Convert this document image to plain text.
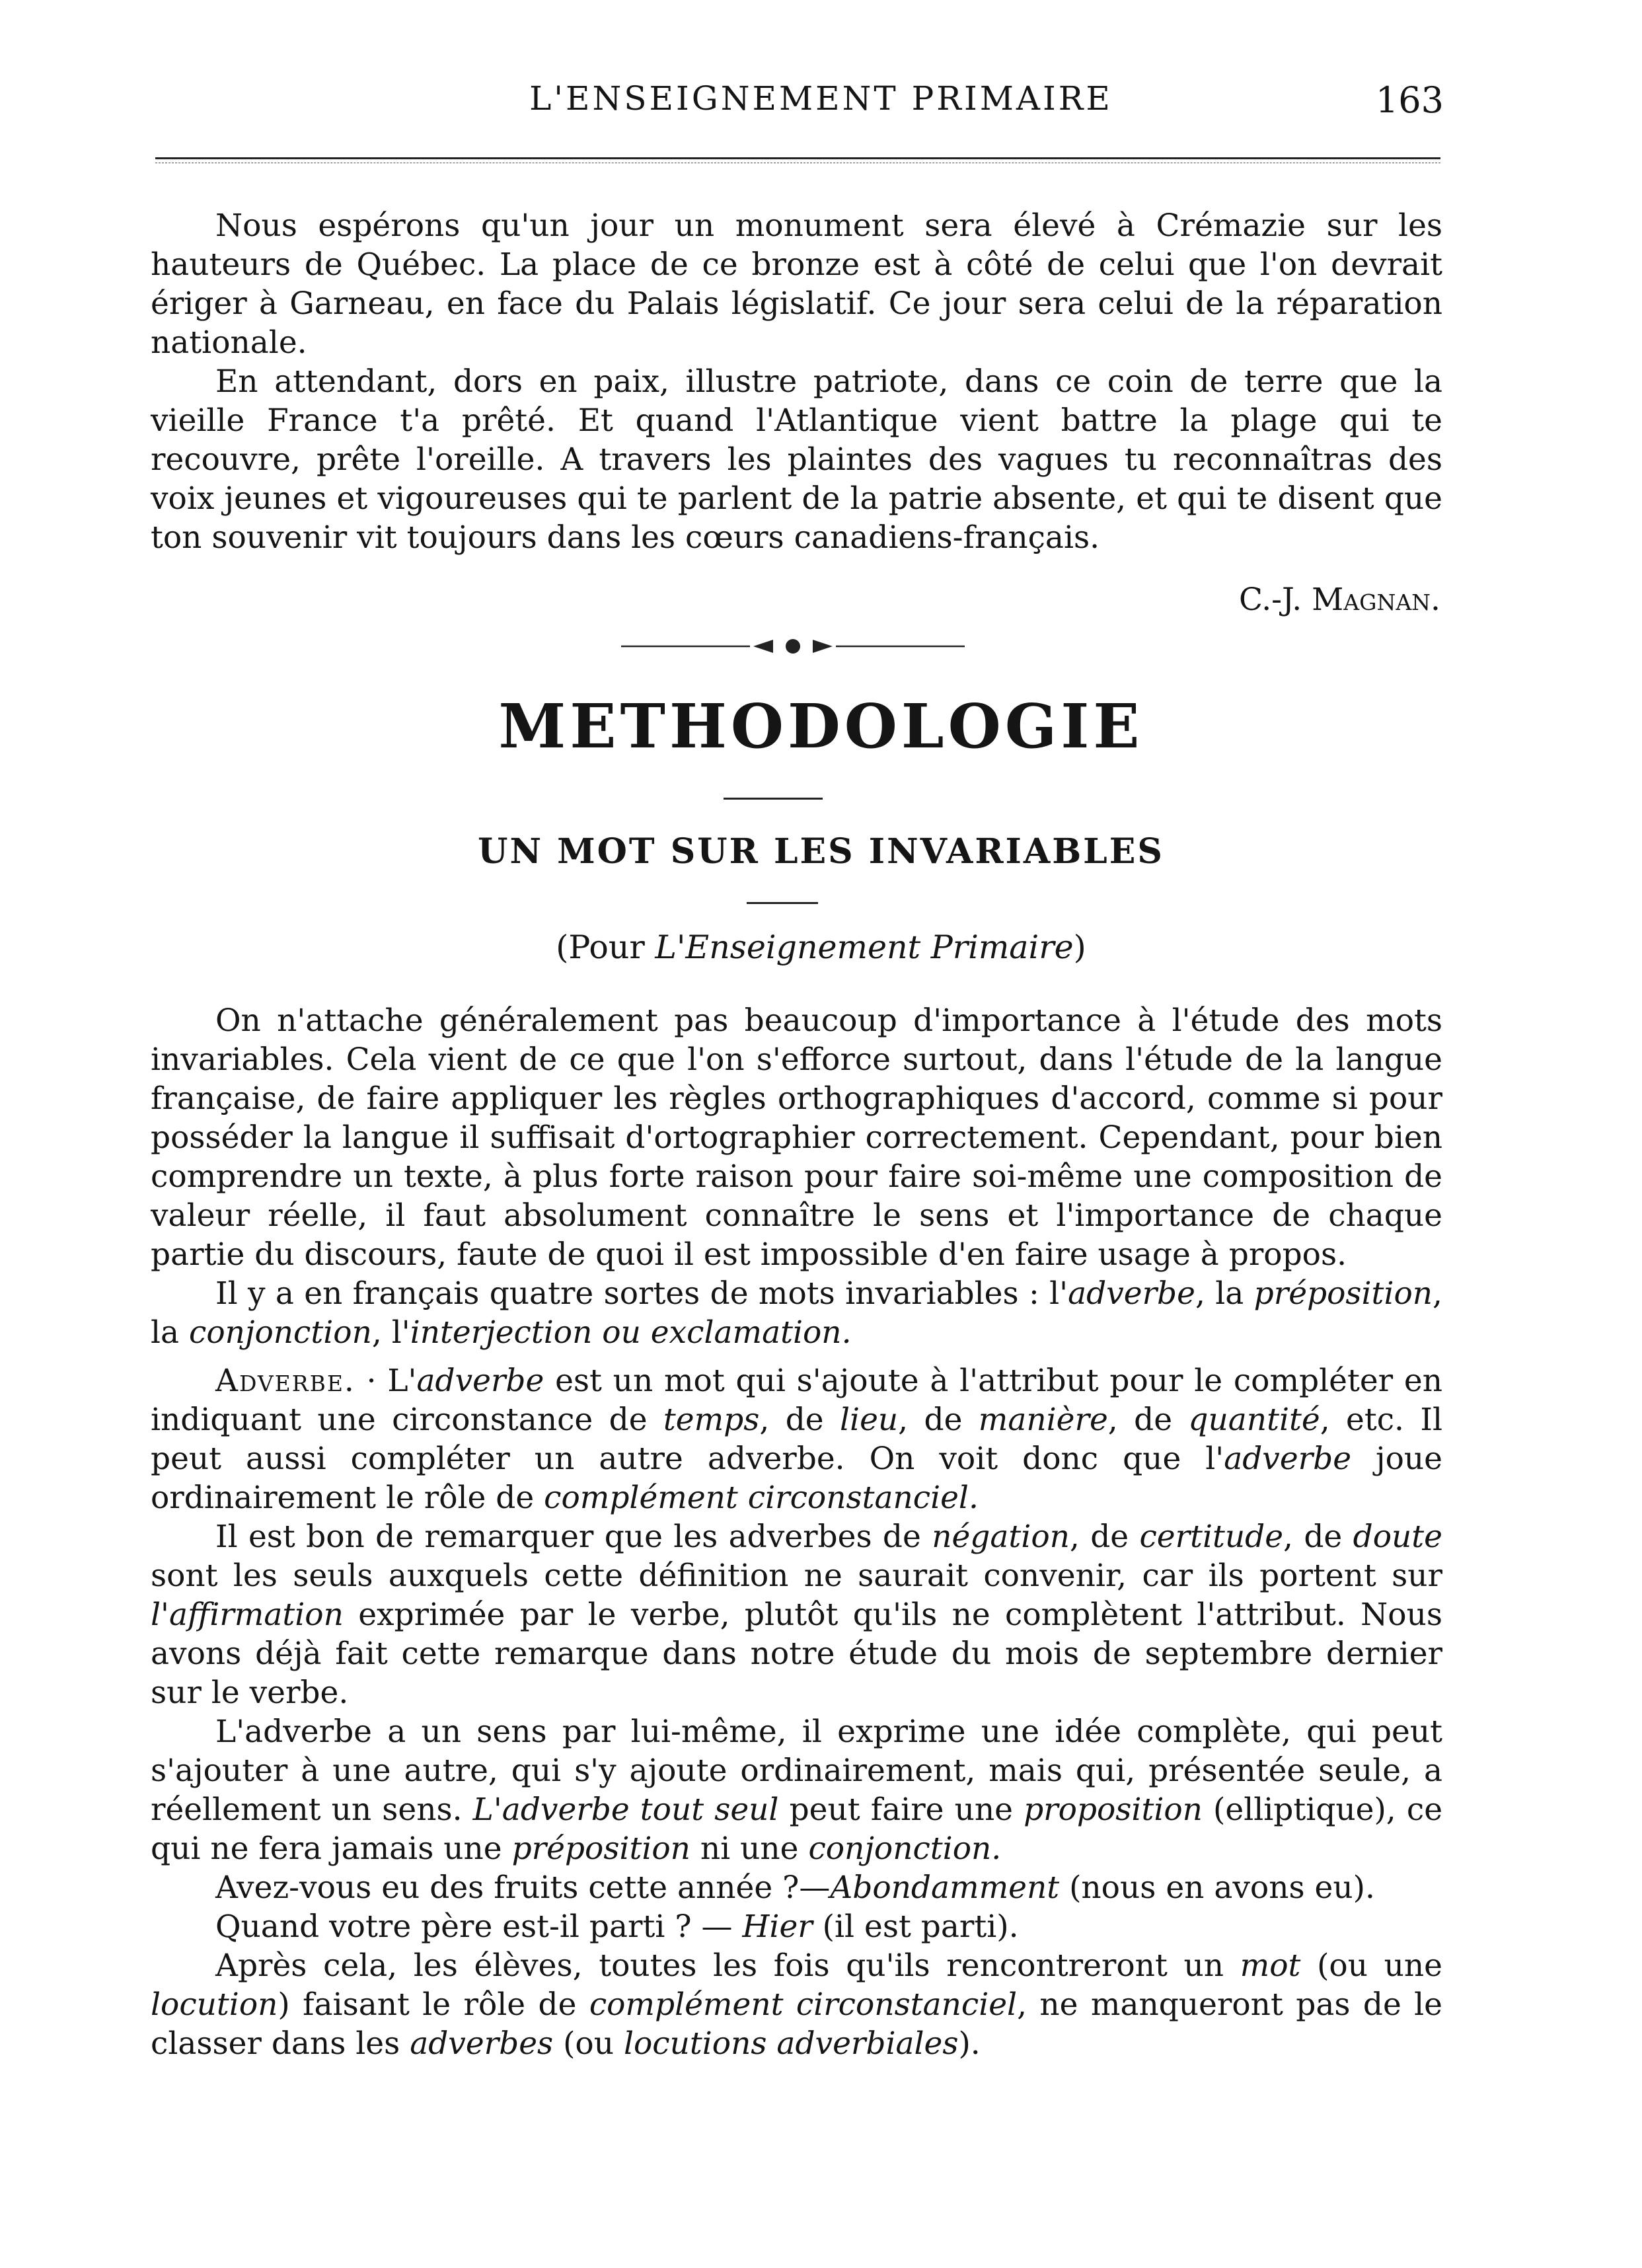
L'ENSEIGNEMENT PRIMAIRE	163

Nous espérons qu'un jour un monument sera élevé à Crémazie sur les hauteurs de Québec. La place de ce bronze est à côté de celui que l'on devrait ériger à Garneau, en face du Palais législatif. Ce jour sera celui de la réparation nationale.

En attendant, dors en paix, illustre patriote, dans ce coin de terre que la vieille France t'a prêté. Et quand l'Atlantique vient battre la plage qui te recouvre, prête l'oreille. A travers les plaintes des vagues tu reconnaîtras des voix jeunes et vigoureuses qui te parlent de la patrie absente, et qui te disent que ton souvenir vit toujours dans les cœurs canadiens-français.

C.-J. Magnan.
METHODOLOGIE
UN MOT SUR LES INVARIABLES
(Pour L'Enseignement Primaire)

On n'attache généralement pas beaucoup d'importance à l'étude des mots invariables. Cela vient de ce que l'on s'efforce surtout, dans l'étude de la langue française, de faire appliquer les règles orthographiques d'accord, comme si pour posséder la langue il suffisait d'ortographier correctement. Cependant, pour bien comprendre un texte, à plus forte raison pour faire soi-même une composition de valeur réelle, il faut absolument connaître le sens et l'importance de chaque partie du discours, faute de quoi il est impossible d'en faire usage à propos.

Il y a en français quatre sortes de mots invariables : l'adverbe, la préposition, la conjonction, l'interjection ou exclamation.

Adverbe. · L'adverbe est un mot qui s'ajoute à l'attribut pour le compléter en indiquant une circonstance de temps, de lieu, de manière, de quantité, etc. Il peut aussi compléter un autre adverbe. On voit donc que l'adverbe joue ordinairement le rôle de complément circonstanciel.

Il est bon de remarquer que les adverbes de négation, de certitude, de doute sont les seuls auxquels cette définition ne saurait convenir, car ils portent sur l'affirmation exprimée par le verbe, plutôt qu'ils ne complètent l'attribut. Nous avons déjà fait cette remarque dans notre étude du mois de septembre dernier sur le verbe.

L'adverbe a un sens par lui-même, il exprime une idée complète, qui peut s'ajouter à une autre, qui s'y ajoute ordinairement, mais qui, présentée seule, a réellement un sens. L'adverbe tout seul peut faire une proposition (elliptique), ce qui ne fera jamais une préposition ni une conjonction.

Avez-vous eu des fruits cette année ?—Abondamment (nous en avons eu).

Quand votre père est-il parti ? — Hier (il est parti).

Après cela, les élèves, toutes les fois qu'ils rencontreront un mot (ou une locution) faisant le rôle de complément circonstanciel, ne manqueront pas de le classer dans les adverbes (ou locutions adverbiales).
